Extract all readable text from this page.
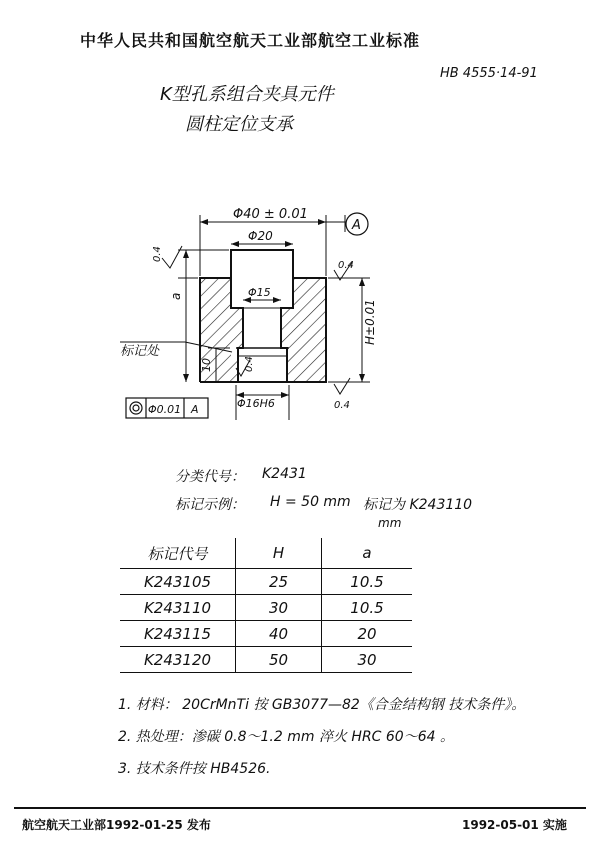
中华人民共和国航空航天工业部航空工业标准
HB 4555·14-91
K型孔系组合夹具元件
圆柱定位支承
A
Φ40 ± 0.01
Φ20
Φ15
Φ16H6
a
H±0.01
10
0.4
0.4
0.4
0.4
标记处
Φ0.01 A
分类代号： K2431
标记示例： H = 50 mm 标记为 K243110
mm
标记代号	H	a
K243105	25	10.5
K243110	30	10.5
K243115	40	20
K243120	50	30
1. 材料： 20CrMnTi 按 GB3077—82《合金结构钢 技术条件》。
2. 热处理：渗碳 0.8～1.2 mm 淬火 HRC 60～64 。
3. 技术条件按 HB4526.
航空航天工业部1992-01-25 发布	1992-05-01 实施
